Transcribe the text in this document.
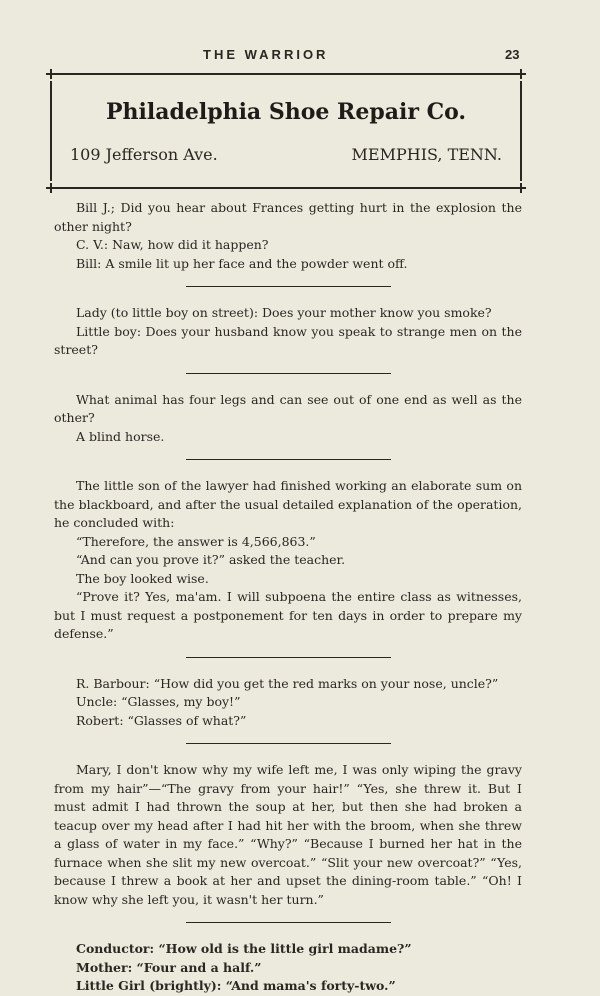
THE WARRIOR	23
Philadelphia Shoe Repair Co.
109 Jefferson Ave.	MEMPHIS, TENN.

Bill J.; Did you hear about Frances getting hurt in the explosion the other night?

C. V.: Naw, how did it happen?

Bill: A smile lit up her face and the powder went off.

Lady (to little boy on street): Does your mother know you smoke?

Little boy: Does your husband know you speak to strange men on the street?

What animal has four legs and can see out of one end as well as the other?

A blind horse.

The little son of the lawyer had finished working an elaborate sum on the blackboard, and after the usual detailed explanation of the operation, he concluded with:

“Therefore, the answer is 4,566,863.”

“And can you prove it?” asked the teacher.

The boy looked wise.

“Prove it? Yes, ma'am. I will subpoena the entire class as witnesses, but I must request a postponement for ten days in order to prepare my defense.”

R. Barbour: “How did you get the red marks on your nose, uncle?”

Uncle: “Glasses, my boy!”

Robert: “Glasses of what?”

Mary, I don't know why my wife left me, I was only wiping the gravy from my hair”—“The gravy from your hair!” “Yes, she threw it. But I must admit I had thrown the soup at her, but then she had broken a teacup over my head after I had hit her with the broom, when she threw a glass of water in my face.” “Why?” “Because I burned her hat in the furnace when she slit my new overcoat.” “Slit your new overcoat?” “Yes, because I threw a book at her and upset the dining-room table.” “Oh! I know why she left you, it wasn't her turn.”

Conductor: “How old is the little girl madame?”

Mother: “Four and a half.”

Little Girl (brightly): “And mama's forty-two.”
